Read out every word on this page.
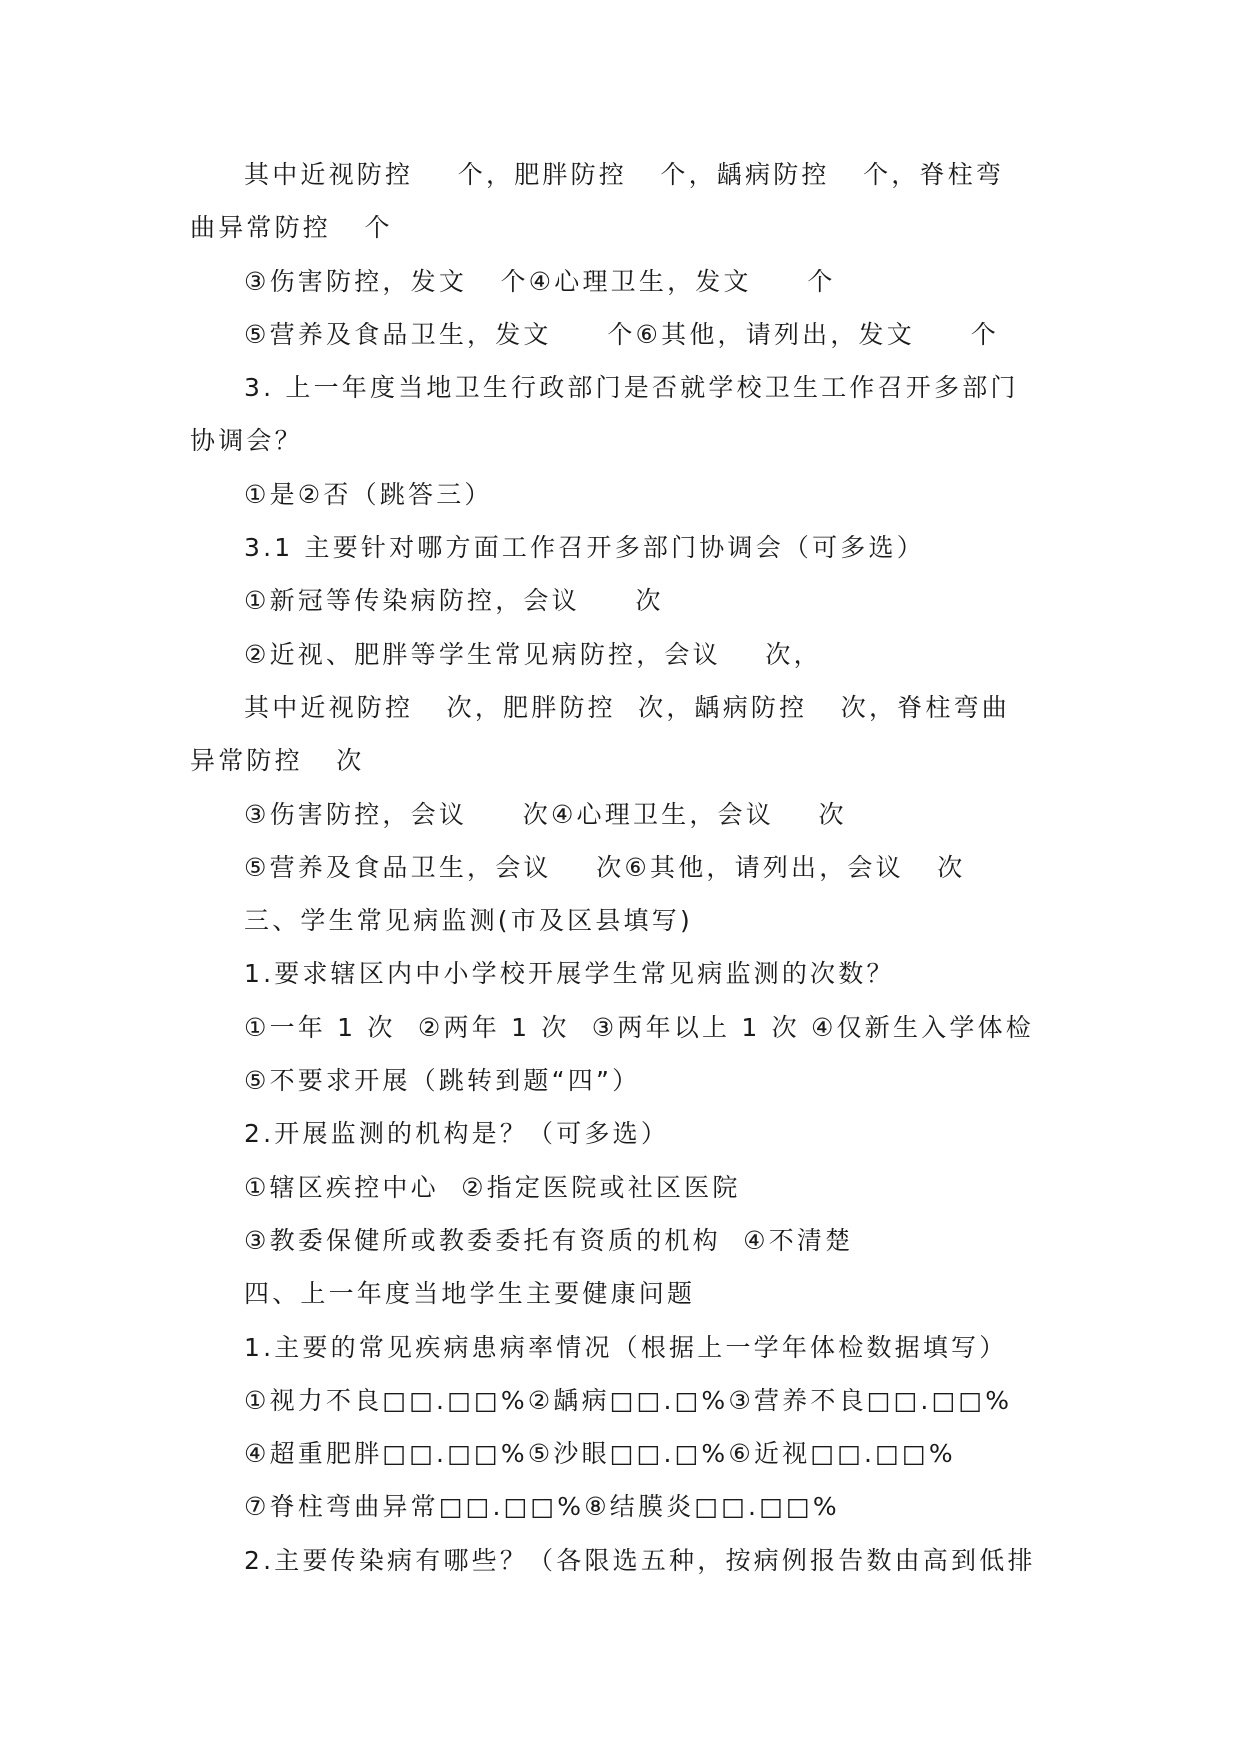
其中近视防控    个，肥胖防控   个，龋病防控   个，脊柱弯
曲异常防控   个
③伤害防控，发文   个④心理卫生，发文     个
⑤营养及食品卫生，发文     个⑥其他，请列出，发文     个
3. 上一年度当地卫生行政部门是否就学校卫生工作召开多部门
协调会？
①是②否（跳答三）
3.1 主要针对哪方面工作召开多部门协调会（可多选）
①新冠等传染病防控，会议     次
②近视、肥胖等学生常见病防控，会议    次，
其中近视防控   次，肥胖防控  次，龋病防控   次，脊柱弯曲
异常防控   次
③伤害防控，会议     次④心理卫生，会议    次
⑤营养及食品卫生，会议    次⑥其他，请列出，会议   次
三、学生常见病监测(市及区县填写)
1.要求辖区内中小学校开展学生常见病监测的次数？
①一年 1 次  ②两年 1 次  ③两年以上 1 次 ④仅新生入学体检
⑤不要求开展（跳转到题“四”）
2.开展监测的机构是？（可多选）
①辖区疾控中心  ②指定医院或社区医院
③教委保健所或教委委托有资质的机构  ④不清楚
四、上一年度当地学生主要健康问题
1.主要的常见疾病患病率情况（根据上一学年体检数据填写）
①视力不良□□.□□%②龋病□□.□%③营养不良□□.□□%
④超重肥胖□□.□□%⑤沙眼□□.□%⑥近视□□.□□%
⑦脊柱弯曲异常□□.□□%⑧结膜炎□□.□□%
2.主要传染病有哪些？（各限选五种，按病例报告数由高到低排
